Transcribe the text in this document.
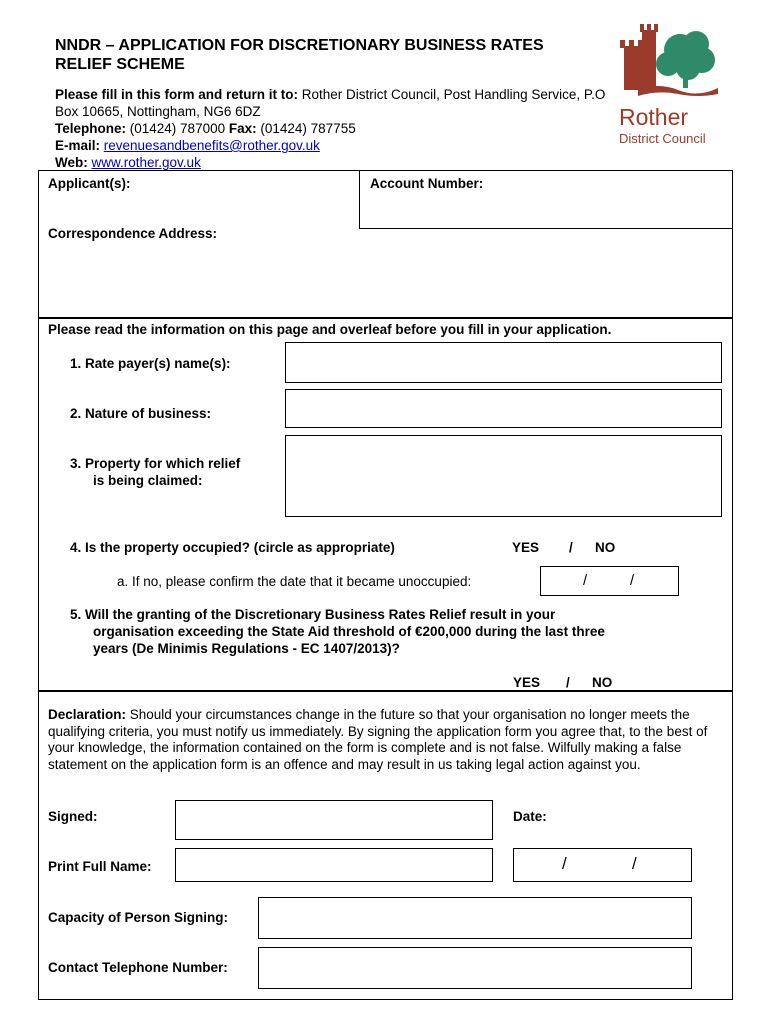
NNDR – APPLICATION FOR DISCRETIONARY BUSINESS RATES RELIEF SCHEME
Please fill in this form and return it to: Rother District Council, Post Handling Service, P.O Box 10665, Nottingham, NG6 6DZ
Telephone: (01424) 787000 Fax: (01424) 787755
E-mail: revenuesandbenefits@rother.gov.uk
Web: www.rother.gov.uk
Rother
District Council
Applicant(s):	Account Number:
Correspondence Address:
Please read the information on this page and overleaf before you fill in your application.
1. Rate payer(s) name(s):
2. Nature of business:
3. Property for which relief
is being claimed:
4. Is the property occupied? (circle as appropriate)	YES / NO
a. If no, please confirm the date that it became unoccupied:	/	/
5. Will the granting of the Discretionary Business Rates Relief result in your
organisation exceeding the State Aid threshold of €200,000 during the last three
years (De Minimis Regulations - EC 1407/2013)?
YES / NO
Declaration: Should your circumstances change in the future so that your organisation no longer meets the qualifying criteria, you must notify us immediately. By signing the application form you agree that, to the best of your knowledge, the information contained on the form is complete and is not false. Wilfully making a false statement on the application form is an offence and may result in us taking legal action against you.
Signed:	Date:
Print Full Name:	/	/
Capacity of Person Signing:
Contact Telephone Number:
